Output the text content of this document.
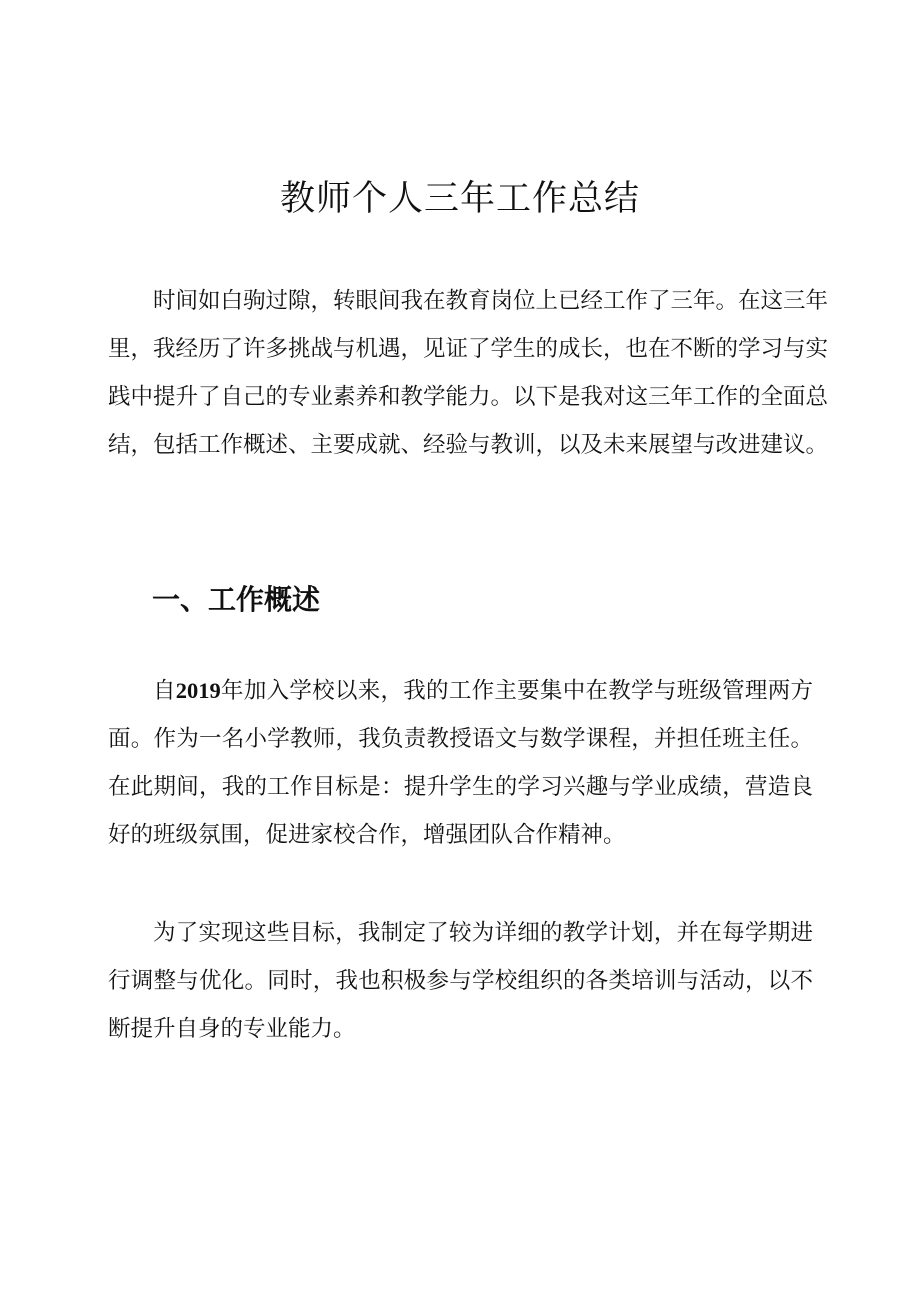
教师个人三年工作总结

时间如白驹过隙，转眼间我在教育岗位上已经工作了三年。在这三年里，我经历了许多挑战与机遇，见证了学生的成长，也在不断的学习与实践中提升了自己的专业素养和教学能力。以下是我对这三年工作的全面总结，包括工作概述、主要成就、经验与教训，以及未来展望与改进建议。

一、工作概述

自2019年加入学校以来，我的工作主要集中在教学与班级管理两方面。作为一名小学教师，我负责教授语文与数学课程，并担任班主任。在此期间，我的工作目标是：提升学生的学习兴趣与学业成绩，营造良好的班级氛围，促进家校合作，增强团队合作精神。

为了实现这些目标，我制定了较为详细的教学计划，并在每学期进行调整与优化。同时，我也积极参与学校组织的各类培训与活动，以不断提升自身的专业能力。
